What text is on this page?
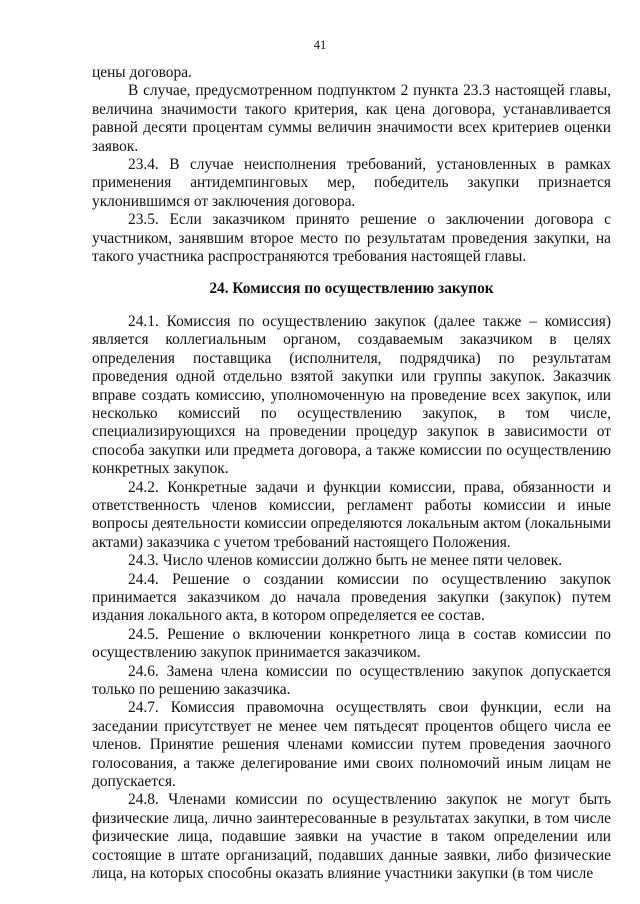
41

цены договора.

В случае, предусмотренном подпунктом 2 пункта 23.3 настоящей главы, величина значимости такого критерия, как цена договора, устанавливается равной десяти процентам суммы величин значимости всех критериев оценки заявок.

23.4. В случае неисполнения требований, установленных в рамках применения антидемпинговых мер, победитель закупки признается уклонившимся от заключения договора.

23.5. Если заказчиком принято решение о заключении договора с участником, занявшим второе место по результатам проведения закупки, на такого участника распространяются требования настоящей главы.

24. Комиссия по осуществлению закупок

24.1. Комиссия по осуществлению закупок (далее также – комиссия) является коллегиальным органом, создаваемым заказчиком в целях определения поставщика (исполнителя, подрядчика) по результатам проведения одной отдельно взятой закупки или группы закупок. Заказчик вправе создать комиссию, уполномоченную на проведение всех закупок, или несколько комиссий по осуществлению закупок, в том числе, специализирующихся на проведении процедур закупок в зависимости от способа закупки или предмета договора, а также комиссии по осуществлению конкретных закупок.

24.2. Конкретные задачи и функции комиссии, права, обязанности и ответственность членов комиссии, регламент работы комиссии и иные вопросы деятельности комиссии определяются локальным актом (локальными актами) заказчика с учетом требований настоящего Положения.

24.3. Число членов комиссии должно быть не менее пяти человек.

24.4. Решение о создании комиссии по осуществлению закупок принимается заказчиком до начала проведения закупки (закупок) путем издания локального акта, в котором определяется ее состав.

24.5. Решение о включении конкретного лица в состав комиссии по осуществлению закупок принимается заказчиком.

24.6. Замена члена комиссии по осуществлению закупок допускается только по решению заказчика.

24.7. Комиссия правомочна осуществлять свои функции, если на заседании присутствует не менее чем пятьдесят процентов общего числа ее членов. Принятие решения членами комиссии путем проведения заочного голосования, а также делегирование ими своих полномочий иным лицам не допускается.

24.8. Членами комиссии по осуществлению закупок не могут быть физические лица, лично заинтересованные в результатах закупки, в том числе физические лица, подавшие заявки на участие в таком определении или состоящие в штате организаций, подавших данные заявки, либо физические лица, на которых способны оказать влияние участники закупки (в том числе
